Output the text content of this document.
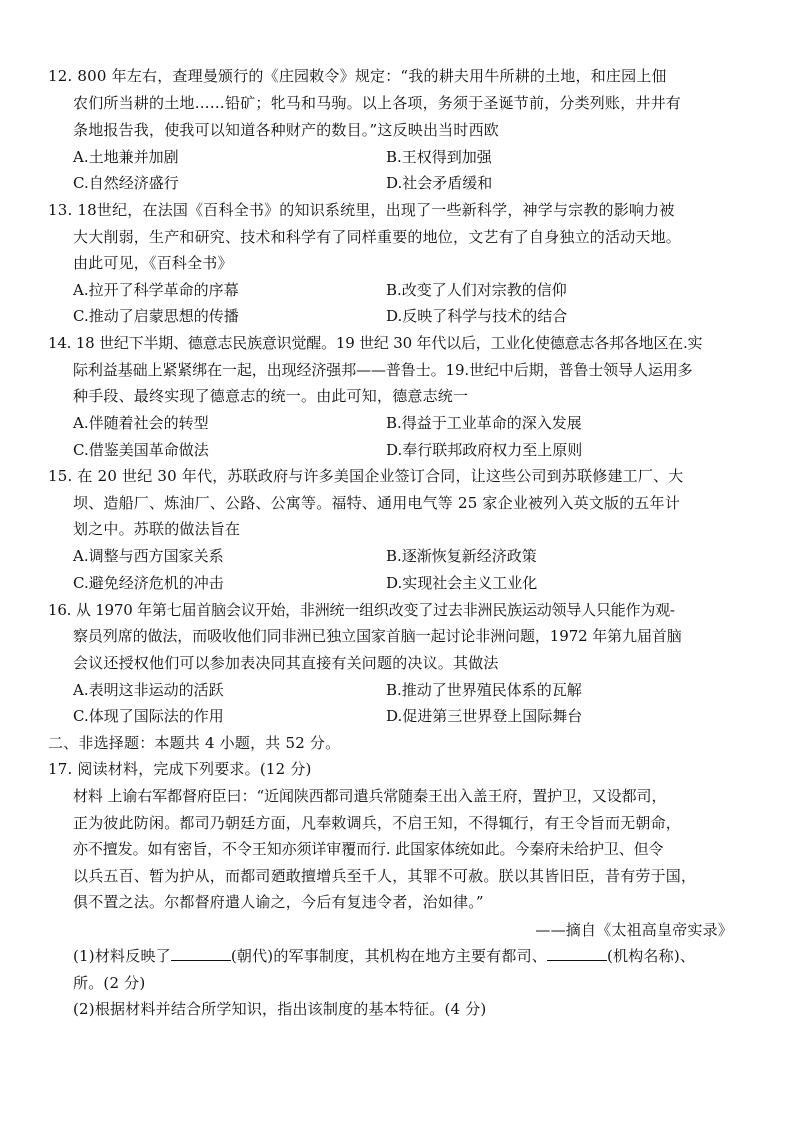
12. 800 年左右，查理曼颁行的《庄园敕令》规定：“我的耕夫用牛所耕的土地，和庄园上佃
农们所当耕的土地……铅矿；牝马和马驹。以上各项，务须于圣诞节前，分类列账，井井有
条地报告我，使我可以知道各种财产的数目。”这反映出当时西欧
A.土地兼并加剧	B.王权得到加强
C.自然经济盛行	D.社会矛盾缓和
13. 18世纪，在法国《百科全书》的知识系统里，出现了一些新科学，神学与宗教的影响力被
大大削弱，生产和研究、技术和科学有了同样重要的地位，文艺有了自身独立的活动天地。
由此可见，《百科全书》
A.拉开了科学革命的序幕	B.改变了人们对宗教的信仰
C.推动了启蒙思想的传播	D.反映了科学与技术的结合
14. 18 世纪下半期、德意志民族意识觉醒。19 世纪 30 年代以后，工业化使德意志各邦各地区在.实
际利益基础上紧紧绑在一起，出现经济强邦——普鲁士。19.世纪中后期，普鲁士领导人运用多
种手段、最终实现了德意志的统一。由此可知，德意志统一
A.伴随着社会的转型	B.得益于工业革命的深入发展
C.借鉴美国革命做法	D.奉行联邦政府权力至上原则
15. 在 20 世纪 30 年代，苏联政府与许多美国企业签订合同，让这些公司到苏联修建工厂、大
坝、造船厂、炼油厂、公路、公寓等。福特、通用电气等 25 家企业被列入英文版的五年计
划之中。苏联的做法旨在
A.调整与西方国家关系	B.逐渐恢复新经济政策
C.避免经济危机的冲击	D.实现社会主义工业化
16. 从 1970 年第七届首脑会议开始，非洲统一组织改变了过去非洲民族运动领导人只能作为观-
察员列席的做法，而吸收他们同非洲已独立国家首脑一起讨论非洲问题，1972 年第九届首脑
会议还授权他们可以参加表决同其直接有关问题的决议。其做法
A.表明这非运动的活跃	B.推动了世界殖民体系的瓦解
C.体现了国际法的作用	D.促进第三世界登上国际舞台
二、非选择题：本题共 4 小题，共 52 分。
17. 阅读材料，完成下列要求。(12 分)
材料 上谕右军都督府臣曰：“近闻陕西都司遣兵常随秦王出入盖王府，置护卫，又设都司，
正为彼此防闲。都司乃朝廷方面，凡奉敕调兵，不启王知，不得辄行，有王令旨而无朝命，
亦不擅发。如有密旨，不令王知亦须详审覆而行. 此国家体统如此。今秦府未给护卫、但令
以兵五百、暂为护从，而都司廼敢擅增兵至千人，其罪不可赦。朕以其皆旧臣，昔有劳于国，
俱不置之法。尔都督府遣人谕之，今后有复违令者，治如律。”
——摘自《太祖高皇帝实录》
(1)材料反映了	(朝代)的军事制度，其机构在地方主要有都司、	(机构名称)、
所。(2 分)
(2)根据材料并结合所学知识，指出该制度的基本特征。(4 分)
